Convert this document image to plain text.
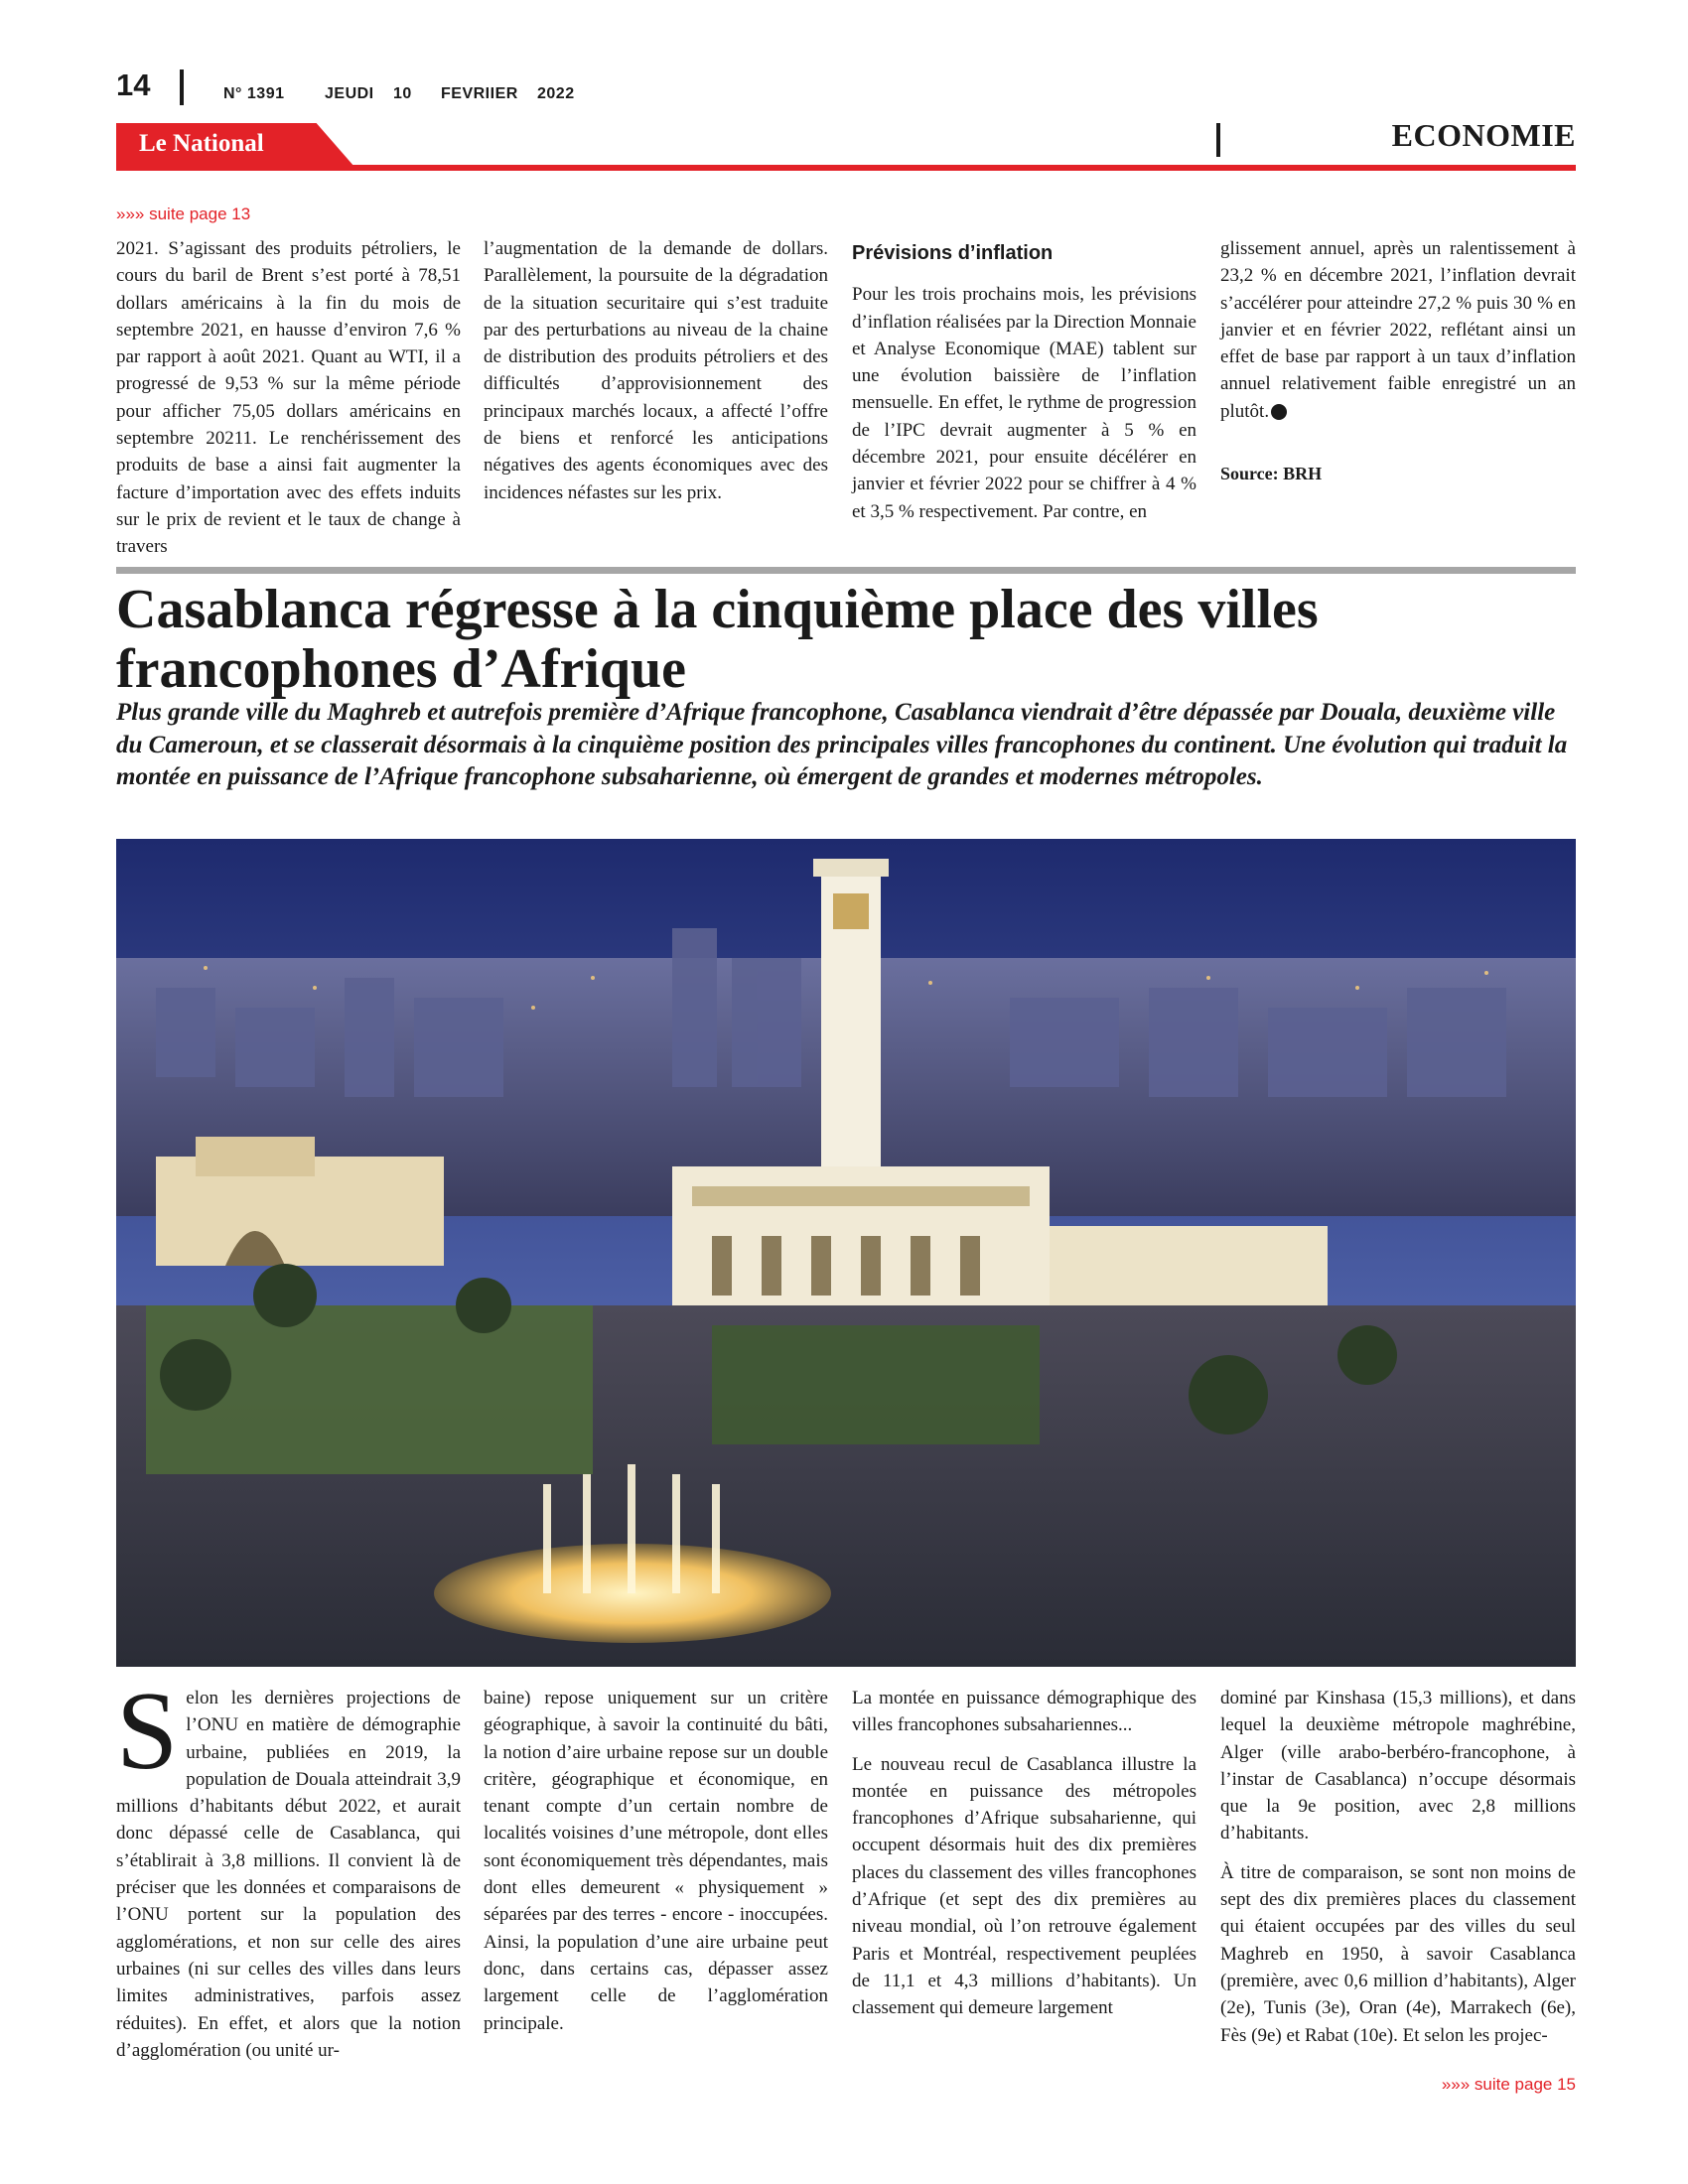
14	N° 1391	JEUDI 10 FEVRIIER 2022
Le National	ECONOMIE
»»» suite page 13

2021. S’agissant des produits pétroliers, le cours du baril de Brent s’est porté à 78,51 dollars américains à la fin du mois de septembre 2021, en hausse d’environ 7,6 % par rapport à août 2021. Quant au WTI, il a progressé de 9,53 % sur la même période pour afficher 75,05 dollars américains en septembre 20211. Le renchérissement des produits de base a ainsi fait augmenter la facture d’importation avec des effets induits sur le prix de revient et le taux de change à travers

l’augmentation de la demande de dollars. Parallèlement, la poursuite de la dégradation de la situation securitaire qui s’est traduite par des perturbations au niveau de la chaine de distribution des produits pétroliers et des difficultés d’approvisionnement des principaux marchés locaux, a affecté l’offre de biens et renforcé les anticipations négatives des agents économiques avec des incidences néfastes sur les prix.

Prévisions d’inflation

Pour les trois prochains mois, les prévisions d’inflation réalisées par la Direction Monnaie et Analyse Economique (MAE) tablent sur une évolution baissière de l’inflation mensuelle. En effet, le rythme de progression de l’IPC devrait augmenter à 5 % en décembre 2021, pour ensuite décélérer en janvier et février 2022 pour se chiffrer à 4 % et 3,5 % respectivement. Par contre, en

glissement annuel, après un ralentissement à 23,2 % en décembre 2021, l’inflation devrait s’accélérer pour atteindre 27,2 % puis 30 % en janvier et en février 2022, reflétant ainsi un effet de base par rapport à un taux d’inflation annuel relativement faible enregistré un an plutôt.

Source: BRH

Casablanca régresse à la cinquième place des villes francophones d’Afrique

Plus grande ville du Maghreb et autrefois première d’Afrique francophone, Casablanca viendrait d’être dépassée par Douala, deuxième ville du Cameroun, et se classerait désormais à la cinquième position des principales villes francophones du continent. Une évolution qui traduit la montée en puissance de l’Afrique francophone subsaharienne, où émergent de grandes et modernes métropoles.

Selon les dernières projections de l’ONU en matière de démographie urbaine, publiées en 2019, la population de Douala atteindrait 3,9 millions d’habitants début 2022, et aurait donc dépassé celle de Casablanca, qui s’établirait à 3,8 millions. Il convient là de préciser que les données et comparaisons de l’ONU portent sur la population des agglomérations, et non sur celle des aires urbaines (ni sur celles des villes dans leurs limites administratives, parfois assez réduites). En effet, et alors que la notion d’agglomération (ou unité ur-

baine) repose uniquement sur un critère géographique, à savoir la continuité du bâti, la notion d’aire urbaine repose sur un double critère, géographique et économique, en tenant compte d’un certain nombre de localités voisines d’une métropole, dont elles sont économiquement très dépendantes, mais dont elles demeurent « physiquement » séparées par des terres - encore - inoccupées. Ainsi, la population d’une aire urbaine peut donc, dans certains cas, dépasser assez largement celle de l’agglomération principale.

La montée en puissance démographique des villes francophones subsahariennes...

Le nouveau recul de Casablanca illustre la montée en puissance des métropoles francophones d’Afrique subsaharienne, qui occupent désormais huit des dix premières places du classement des villes francophones d’Afrique (et sept des dix premières au niveau mondial, où l’on retrouve également Paris et Montréal, respectivement peuplées de 11,1 et 4,3 millions d’habitants). Un classement qui demeure largement

dominé par Kinshasa (15,3 millions), et dans lequel la deuxième métropole maghrébine, Alger (ville arabo-berbéro-francophone, à l’instar de Casablanca) n’occupe désormais que la 9e position, avec 2,8 millions d’habitants.

À titre de comparaison, se sont non moins de sept des dix premières places du classement qui étaient occupées par des villes du seul Maghreb en 1950, à savoir Casablanca (première, avec 0,6 million d’habitants), Alger (2e), Tunis (3e), Oran (4e), Marrakech (6e), Fès (9e) et Rabat (10e). Et selon les projec-

»»» suite page 15
